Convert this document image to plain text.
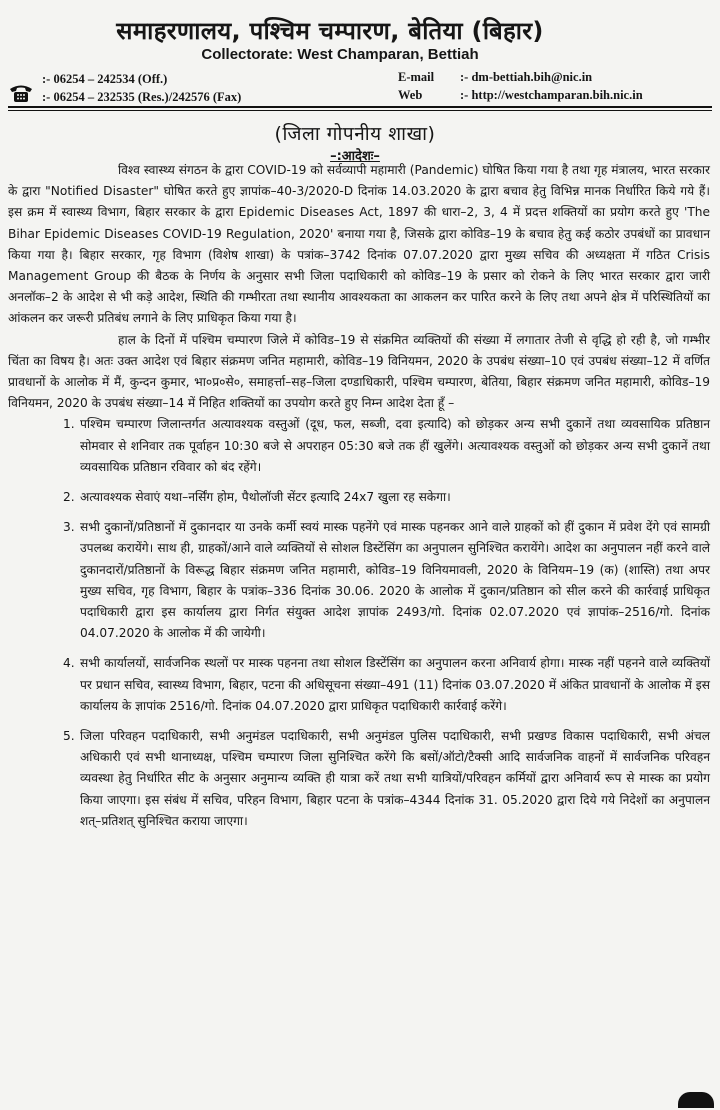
समाहरणालय, पश्चिम चम्पारण, बेतिया (बिहार)
Collectorate: West Champaran, Bettiah
:- 06254 – 242534 (Off.)
:- 06254 – 232535 (Res.)/242576 (Fax)
E-mail :- dm-bettiah.bih@nic.in
Web	:- http://westchamparan.bih.nic.in
(जिला गोपनीय शाखा)
–:आदेशः–

विश्व स्वास्थ्य संगठन के द्वारा COVID-19 को सर्वव्यापी महामारी (Pandemic) घोषित किया गया है तथा गृह मंत्रालय, भारत सरकार के द्वारा "Notified Disaster" घोषित करते हुए ज्ञापांक–40-3/2020-D दिनांक 14.03.2020 के द्वारा बचाव हेतु विभिन्न मानक निर्धारित किये गये हैं। इस क्रम में स्वास्थ्य विभाग, बिहार सरकार के द्वारा Epidemic Diseases Act, 1897 की धारा–2, 3, 4 में प्रदत्त शक्तियों का प्रयोग करते हुए 'The Bihar Epidemic Diseases COVID-19 Regulation, 2020' बनाया गया है, जिसके द्वारा कोविड–19 के बचाव हेतु कई कठोर उपबंधों का प्रावधान किया गया है। बिहार सरकार, गृह विभाग (विशेष शाखा) के पत्रांक–3742 दिनांक 07.07.2020 द्वारा मुख्य सचिव की अध्यक्षता में गठित Crisis Management Group की बैठक के निर्णय के अनुसार सभी जिला पदाधिकारी को कोविड–19 के प्रसार को रोकने के लिए भारत सरकार द्वारा जारी अनलॉक–2 के आदेश से भी कड़े आदेश, स्थिति की गम्भीरता तथा स्थानीय आवश्यकता का आकलन कर पारित करने के लिए तथा अपने क्षेत्र में परिस्थितियों का आंकलन कर जरूरी प्रतिबंध लगाने के लिए प्राधिकृत किया गया है।

हाल के दिनों में पश्चिम चम्पारण जिले में कोविड–19 से संक्रमित व्यक्तियों की संख्या में लगातार तेजी से वृद्धि हो रही है, जो गम्भीर चिंता का विषय है। अतः उक्त आदेश एवं बिहार संक्रमण जनित महामारी, कोविड–19 विनियमन, 2020 के उपबंध संख्या–10 एवं उपबंध संख्या–12 में वर्णित प्रावधानों के आलोक में मैं, कुन्दन कुमार, भा०प्र०से०, समाहर्त्ता–सह–जिला दण्डाधिकारी, पश्चिम चम्पारण, बेतिया, बिहार संक्रमण जनित महामारी, कोविड–19 विनियमन, 2020 के उपबंध संख्या–14 में निहित शक्तियों का उपयोग करते हुए निम्न आदेश देता हूँ –

1. पश्चिम चम्पारण जिलान्तर्गत अत्यावश्यक वस्तुओं (दूध, फल, सब्जी, दवा इत्यादि) को छोड़कर अन्य सभी दुकानें तथा व्यवसायिक प्रतिष्ठान सोमवार से शनिवार तक पूर्वाहन 10:30 बजे से अपराहन 05:30 बजे तक हीं खुलेंगे। अत्यावश्यक वस्तुओं को छोड़कर अन्य सभी दुकानें तथा व्यवसायिक प्रतिष्ठान रविवार को बंद रहेंगे।
2. अत्यावश्यक सेवाएं यथा–नर्सिंग होम, पैथोलॉजी सेंटर इत्यादि 24x7 खुला रह सकेगा।
3. सभी दुकानों/प्रतिष्ठानों में दुकानदार या उनके कर्मी स्वयं मास्क पहनेंगे एवं मास्क पहनकर आने वाले ग्राहकों को हीं दुकान में प्रवेश देंगे एवं सामग्री उपलब्ध करायेंगे। साथ ही, ग्राहकों/आने वाले व्यक्तियों से सोशल डिस्टेंसिंग का अनुपालन सुनिश्चित करायेंगे। आदेश का अनुपालन नहीं करने वाले दुकानदारों/प्रतिष्ठानों के विरूद्ध बिहार संक्रमण जनित महामारी, कोविड–19 विनियमावली, 2020 के विनियम–19 (क) (शास्ति) तथा अपर मुख्य सचिव, गृह विभाग, बिहार के पत्रांक–336 दिनांक 30.06. 2020 के आलोक में दुकान/प्रतिष्ठान को सील करने की कार्रवाई प्राधिकृत पदाधिकारी द्वारा इस कार्यालय द्वारा निर्गत संयुक्त आदेश ज्ञापांक 2493/गो. दिनांक 02.07.2020 एवं ज्ञापांक–2516/गो. दिनांक 04.07.2020 के आलोक में की जायेगी।
4. सभी कार्यालयों, सार्वजनिक स्थलों पर मास्क पहनना तथा सोशल डिस्टेंसिंग का अनुपालन करना अनिवार्य होगा। मास्क नहीं पहनने वाले व्यक्तियों पर प्रधान सचिव, स्वास्थ्य विभाग, बिहार, पटना की अधिसूचना संख्या–491 (11) दिनांक 03.07.2020 में अंकित प्रावधानों के आलोक में इस कार्यालय के ज्ञापांक 2516/गो. दिनांक 04.07.2020 द्वारा प्राधिकृत पदाधिकारी कार्रवाई करेंगे।
5. जिला परिवहन पदाधिकारी, सभी अनुमंडल पदाधिकारी, सभी अनुमंडल पुलिस पदाधिकारी, सभी प्रखण्ड विकास पदाधिकारी, सभी अंचल अधिकारी एवं सभी थानाध्यक्ष, पश्चिम चम्पारण जिला सुनिश्चित करेंगे कि बसों/ऑटो/टैक्सी आदि सार्वजनिक वाहनों में सार्वजनिक परिवहन व्यवस्था हेतु निर्धारित सीट के अनुसार अनुमान्य व्यक्ति ही यात्रा करें तथा सभी यात्रियों/परिवहन कर्मियों द्वारा अनिवार्य रूप से मास्क का प्रयोग किया जाएगा। इस संबंध में सचिव, परिहन विभाग, बिहार पटना के पत्रांक–4344 दिनांक 31. 05.2020 द्वारा दिये गये निदेशों का अनुपालन शत्–प्रतिशत् सुनिश्चित कराया जाएगा।
